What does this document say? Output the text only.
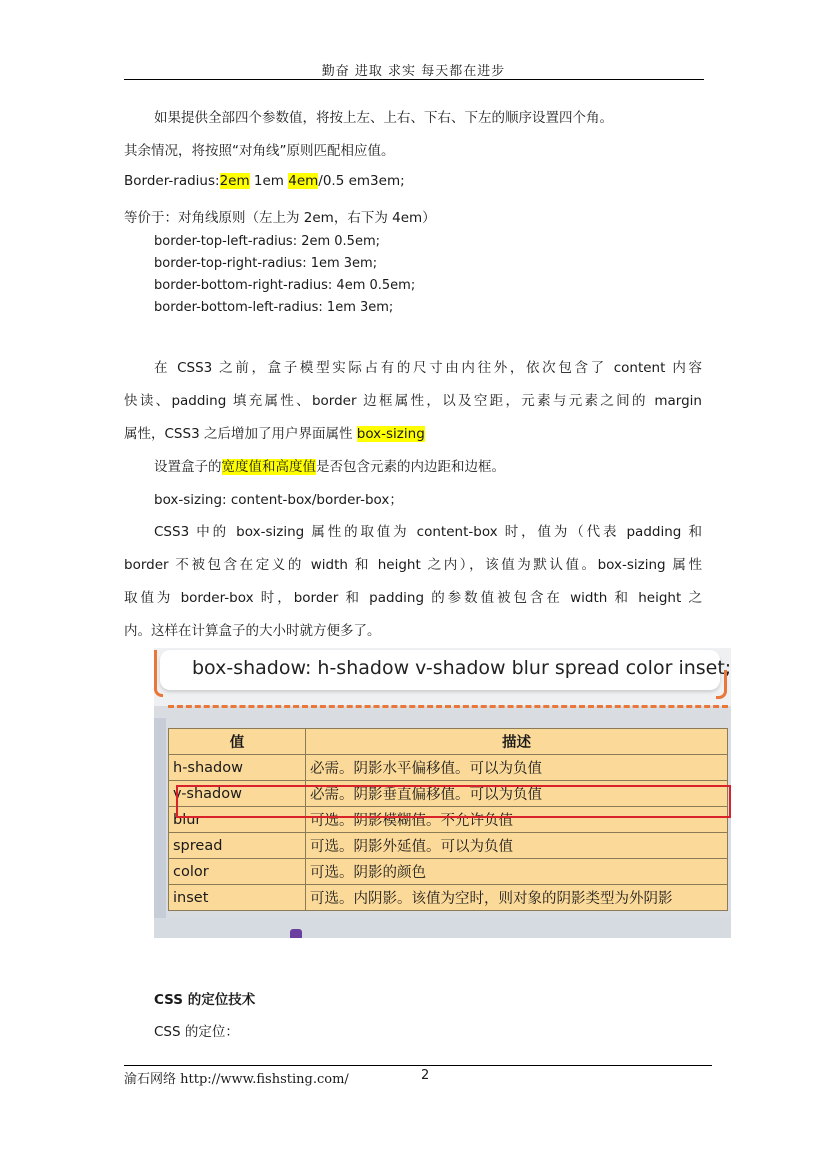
勤奋 进取 求实 每天都在进步
如果提供全部四个参数值，将按上左、上右、下右、下左的顺序设置四个角。
其余情况，将按照“对角线”原则匹配相应值。
Border-radius:2em 1em 4em/0.5 em3em;
等价于：对角线原则（左上为 2em，右下为 4em）
border-top-left-radius: 2em 0.5em;
border-top-right-radius: 1em 3em;
border-bottom-right-radius: 4em 0.5em;
border-bottom-left-radius: 1em 3em;
在 CSS3 之前，盒子模型实际占有的尺寸由内往外，依次包含了 content 内容
快读、padding 填充属性、border 边框属性，以及空距，元素与元素之间的 margin
属性，CSS3 之后增加了用户界面属性 box-sizing
设置盒子的宽度值和高度值是否包含元素的内边距和边框。
box-sizing: content-box/border-box；
CSS3 中的 box-sizing 属性的取值为 content-box 时，值为（代表 padding 和
border 不被包含在定义的 width 和 height 之内），该值为默认值。box-sizing 属性
取值为 border-box 时，border 和 padding 的参数值被包含在 width 和 height 之
内。这样在计算盒子的大小时就方便多了。
box-shadow: h-shadow v-shadow blur spread color inset;
值	描述
h-shadow	必需。阴影水平偏移值。可以为负值
v-shadow	必需。阴影垂直偏移值。可以为负值
blur	可选。阴影模糊值。不允许负值
spread	可选。阴影外延值。可以为负值
color	可选。阴影的颜色
inset	可选。内阴影。该值为空时，则对象的阴影类型为外阴影
CSS 的定位技术
CSS 的定位：
渝石网络 http://www.fishsting.com/	2
